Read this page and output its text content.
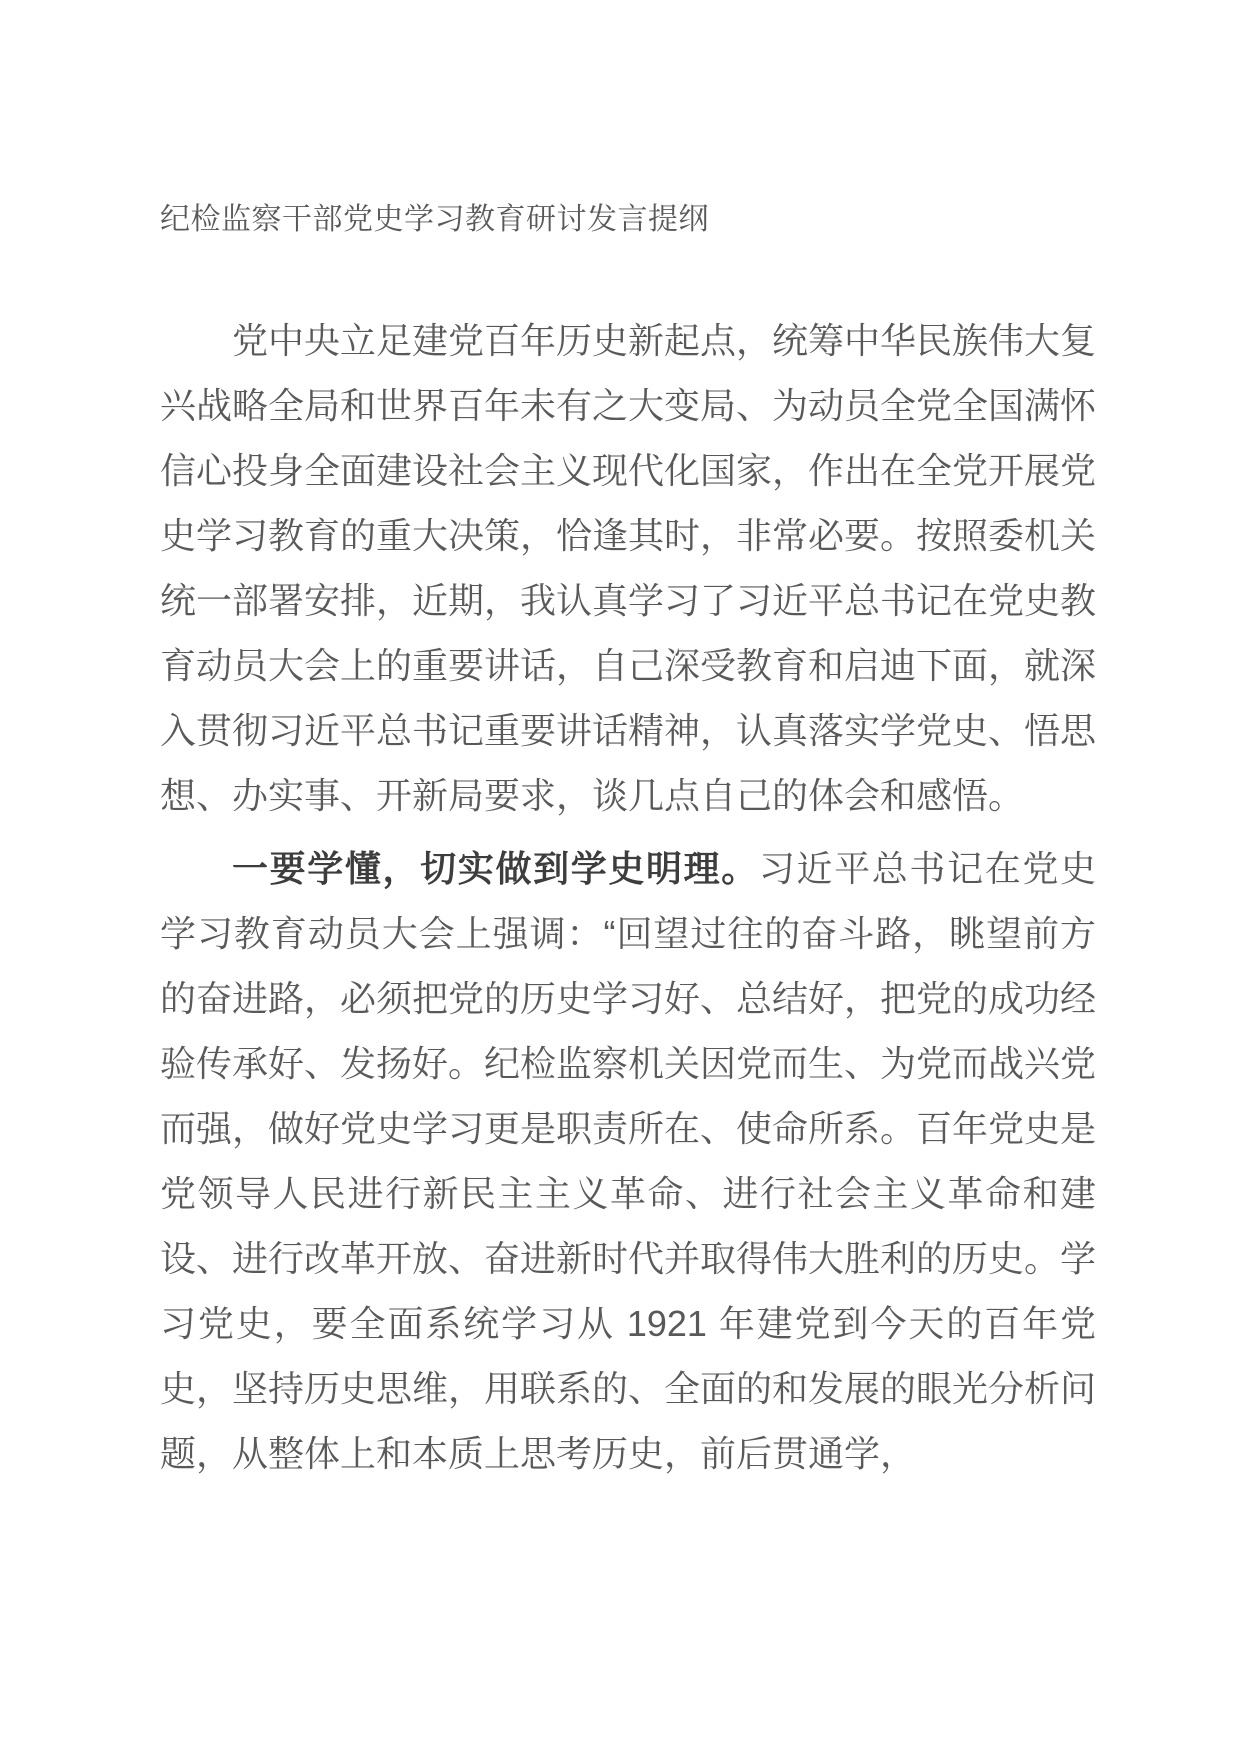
纪检监察干部党史学习教育研讨发言提纲

党中央立足建党百年历史新起点，统筹中华民族伟大复兴战略全局和世界百年未有之大变局、为动员全党全国满怀信心投身全面建设社会主义现代化国家，作出在全党开展党史学习教育的重大决策，恰逢其时，非常必要。按照委机关统一部署安排，近期，我认真学习了习近平总书记在党史教育动员大会上的重要讲话，自己深受教育和启迪下面，就深入贯彻习近平总书记重要讲话精神，认真落实学党史、悟思想、办实事、开新局要求，谈几点自己的体会和感悟。

一要学懂，切实做到学史明理。习近平总书记在党史学习教育动员大会上强调：“回望过往的奋斗路，眺望前方的奋进路，必须把党的历史学习好、总结好，把党的成功经验传承好、发扬好。纪检监察机关因党而生、为党而战兴党而强，做好党史学习更是职责所在、使命所系。百年党史是党领导人民进行新民主主义革命、进行社会主义革命和建设、进行改革开放、奋进新时代并取得伟大胜利的历史。学习党史，要全面系统学习从 1921 年建党到今天的百年党史，坚持历史思维，用联系的、全面的和发展的眼光分析问题，从整体上和本质上思考历史，前后贯通学，
